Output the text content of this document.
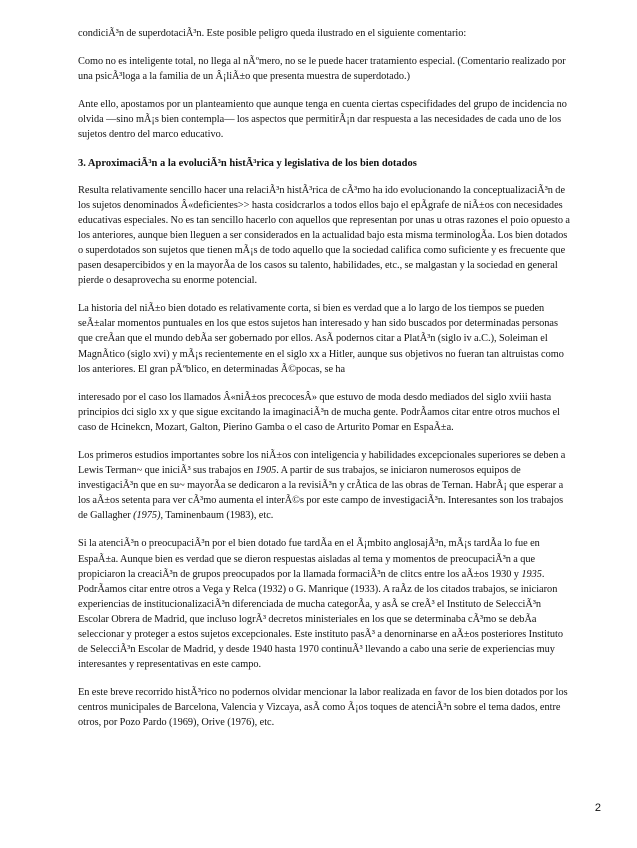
condiciÃ³n de superdotaciÃ³n. Este posible peligro queda ilustrado en el siguiente comentario:

Como no es inteligente total, no llega al nÃºmero, no se le puede hacer tratamiento especial. (Comentario realizado por una psicÃ³loga a la familia de un Â¡liÃ±o que presenta muestra de superdotado.)

Ante ello, apostamos por un planteamiento que aunque tenga en cuenta ciertas cspecifidades del grupo de incidencia no olvida —sino mÃ¡s bien contempla— los aspectos que permitirÃ¡n dar respuesta a las necesidades de cada uno de los sujetos dentro del marco educativo.

3. AproximaciÃ³n a la evoluciÃ³n histÃ³rica y legislativa de los bien dotados

Resulta relativamente sencillo hacer una relaciÃ³n histÃ³rica de cÃ³mo ha ido evolucionando la conceptualizaciÃ³n de los sujetos denominados Â«deficientes>> hasta cosidcrarlos a todos ellos bajo el epÃgrafe de niÃ±os con necesidades educativas especiales. No es tan sencillo hacerlo con aquellos que representan por unas u otras razones el poio opuesto a los anteriores, aunque bien lleguen a ser considerados en la actualidad bajo esta misma terminologÃa. Los bien dotados o superdotados son sujetos que tienen mÃ¡s de todo aquello que la sociedad califica como suficiente y es frecuente que pasen desapercibidos y en la mayorÃa de los casos su talento, habilidades, etc., se malgastan y la sociedad en general pierde o desaprovecha su enorme potencial.

La historia del niÃ±o bien dotado es relativamente corta, si bien es verdad que a lo largo de los tiempos se pueden seÃ±alar momentos puntuales en los que estos sujetos han interesado y han sido buscados por determinadas personas que creÃan que el mundo debÃa ser gobernado por ellos. AsÃ podernos citar a PlatÃ³n (siglo iv a.C.), Soleiman el MagnÃtico (siglo xvi) y mÃ¡s recientemente en el siglo xx a Hitler, aunque sus objetivos no fueran tan altruistas como los anteriores. El gran pÃºblico, en determinadas Ã©pocas, se ha

interesado por el caso los llamados Â«niÃ±os precocesÂ» que estuvo de moda desdo mediados del siglo xviii hasta principios dci siglo xx y que sigue excitando la imaginaciÃ³n de mucha gente. PodrÃamos citar entre otros muchos el caso de Hcinekcn, Mozart, Galton, Pierino Gamba o el caso de Arturito Pomar en EspaÃ±a.

Los primeros estudios importantes sobre los niÃ±os con inteligencia y habilidades excepcionales superiores se deben a Lewis Terman~ que iniciÃ³ sus trabajos en 1905. A partir de sus trabajos, se iniciaron numerosos equipos de investigaciÃ³n que en su~ mayorÃa se dedicaron a la revisiÃ³n y crÃtica de las obras de Ternan. HabrÃ¡ que esperar a los aÃ±os setenta para ver cÃ³mo aumenta el interÃ©s por este campo de investigaciÃ³n. Interesantes son los trabajos de Gallagher (1975), Taminenbaum (1983), etc.

Si la atenciÃ³n o preocupaciÃ³n por el bien dotado fue tardÃa en el Ã¡mbito anglosajÃ³n, mÃ¡s tardÃa lo fue en EspaÃ±a. Aunque bien es verdad que se dieron respuestas aisladas al tema y momentos de preocupaciÃ³n a que propiciaron la creaciÃ³n de grupos preocupados por la llamada formaciÃ³n de clitcs entre los aÃ±os 1930 y 1935. PodrÃamos citar entre otros a Vega y Relca (1932) o G. Manrique (1933). A raÃz de los citados trabajos, se iniciaron experiencias de institucionalizaciÃ³n diferenciada de mucha categorÃa, y asÃ se creÃ³ el Instituto de SelecciÃ³n Escolar Obrera de Madrid, que incluso logrÃ³ decretos ministeriales en los que se determinaba cÃ³mo se debÃa seleccionar y proteger a estos sujetos excepcionales. Este instituto pasÃ³ a denorninarse en aÃ±os posteriores Instituto de SelecciÃ³n Escolar de Madrid, y desde 1940 hasta 1970 continuÃ³ llevando a cabo una serie de experiencias muy interesantes y representativas en este campo.

En este breve recorrido histÃ³rico no podernos olvidar mencionar la labor realizada en favor de los bien dotados por los centros municipales de Barcelona, Valencia y Vizcaya, asÃ como Ã¡os toques de atenciÃ³n sobre el tema dados, entre otros, por Pozo Pardo (1969), Orive (1976), etc.

2
